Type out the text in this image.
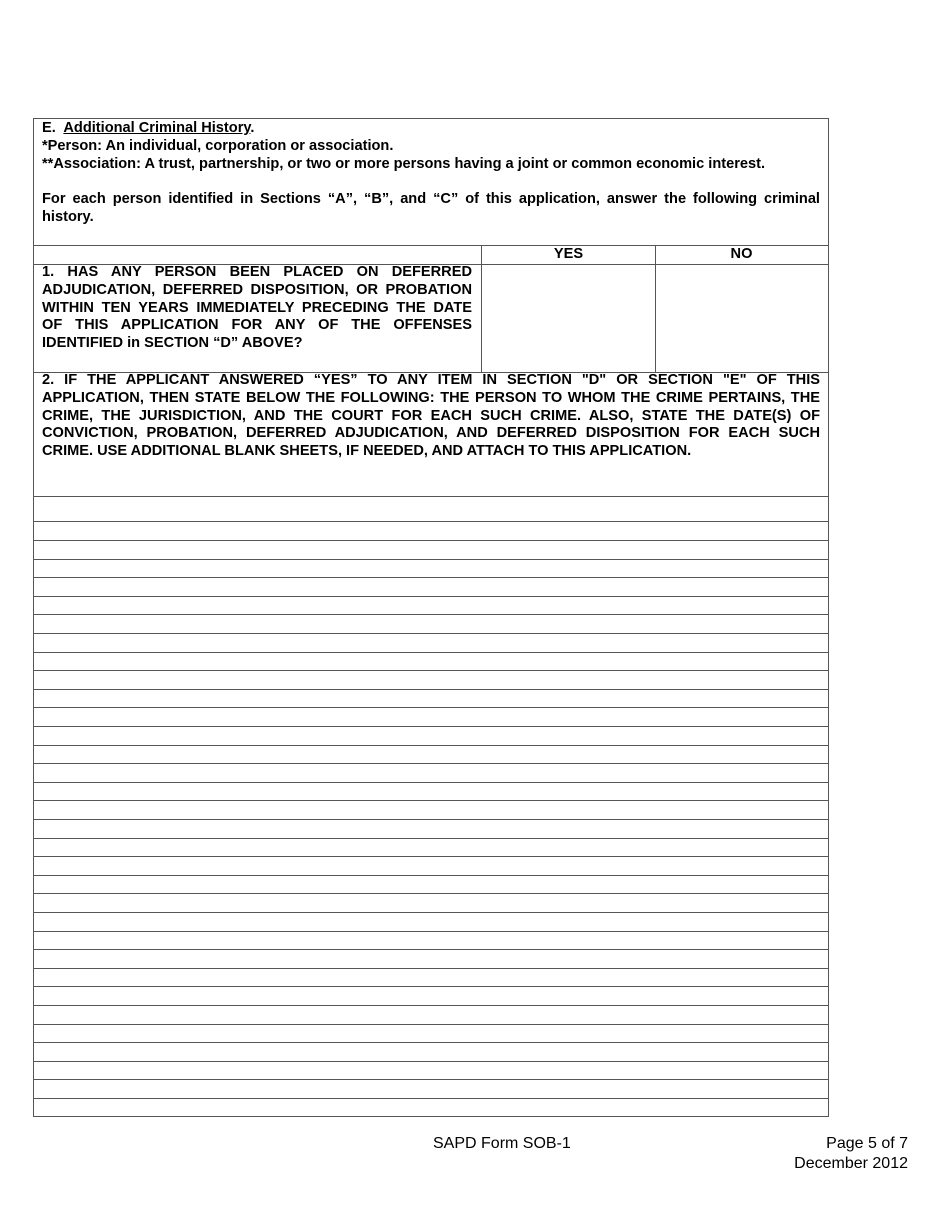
E. Additional Criminal History.

*Person: An individual, corporation or association.

**Association: A trust, partnership, or two or more persons having a joint or common economic interest.

For each person identified in Sections “A”, “B”, and “C” of this application, answer the following criminal history.

YES	NO
1. HAS ANY PERSON BEEN PLACED ON DEFERRED ADJUDICATION, DEFERRED DISPOSITION, OR PROBATION WITHIN TEN YEARS IMMEDIATELY PRECEDING THE DATE OF THIS APPLICATION FOR ANY OF THE OFFENSES IDENTIFIED in SECTION “D” ABOVE?
2. IF THE APPLICANT ANSWERED “YES” TO ANY ITEM IN SECTION "D" OR SECTION "E" OF THIS APPLICATION, THEN STATE BELOW THE FOLLOWING: THE PERSON TO WHOM THE CRIME PERTAINS, THE CRIME, THE JURISDICTION, AND THE COURT FOR EACH SUCH CRIME. ALSO, STATE THE DATE(S) OF CONVICTION, PROBATION, DEFERRED ADJUDICATION, AND DEFERRED DISPOSITION FOR EACH SUCH CRIME. USE ADDITIONAL BLANK SHEETS, IF NEEDED, AND ATTACH TO THIS APPLICATION.
SAPD Form SOB-1	Page 5 of 7
December 2012
